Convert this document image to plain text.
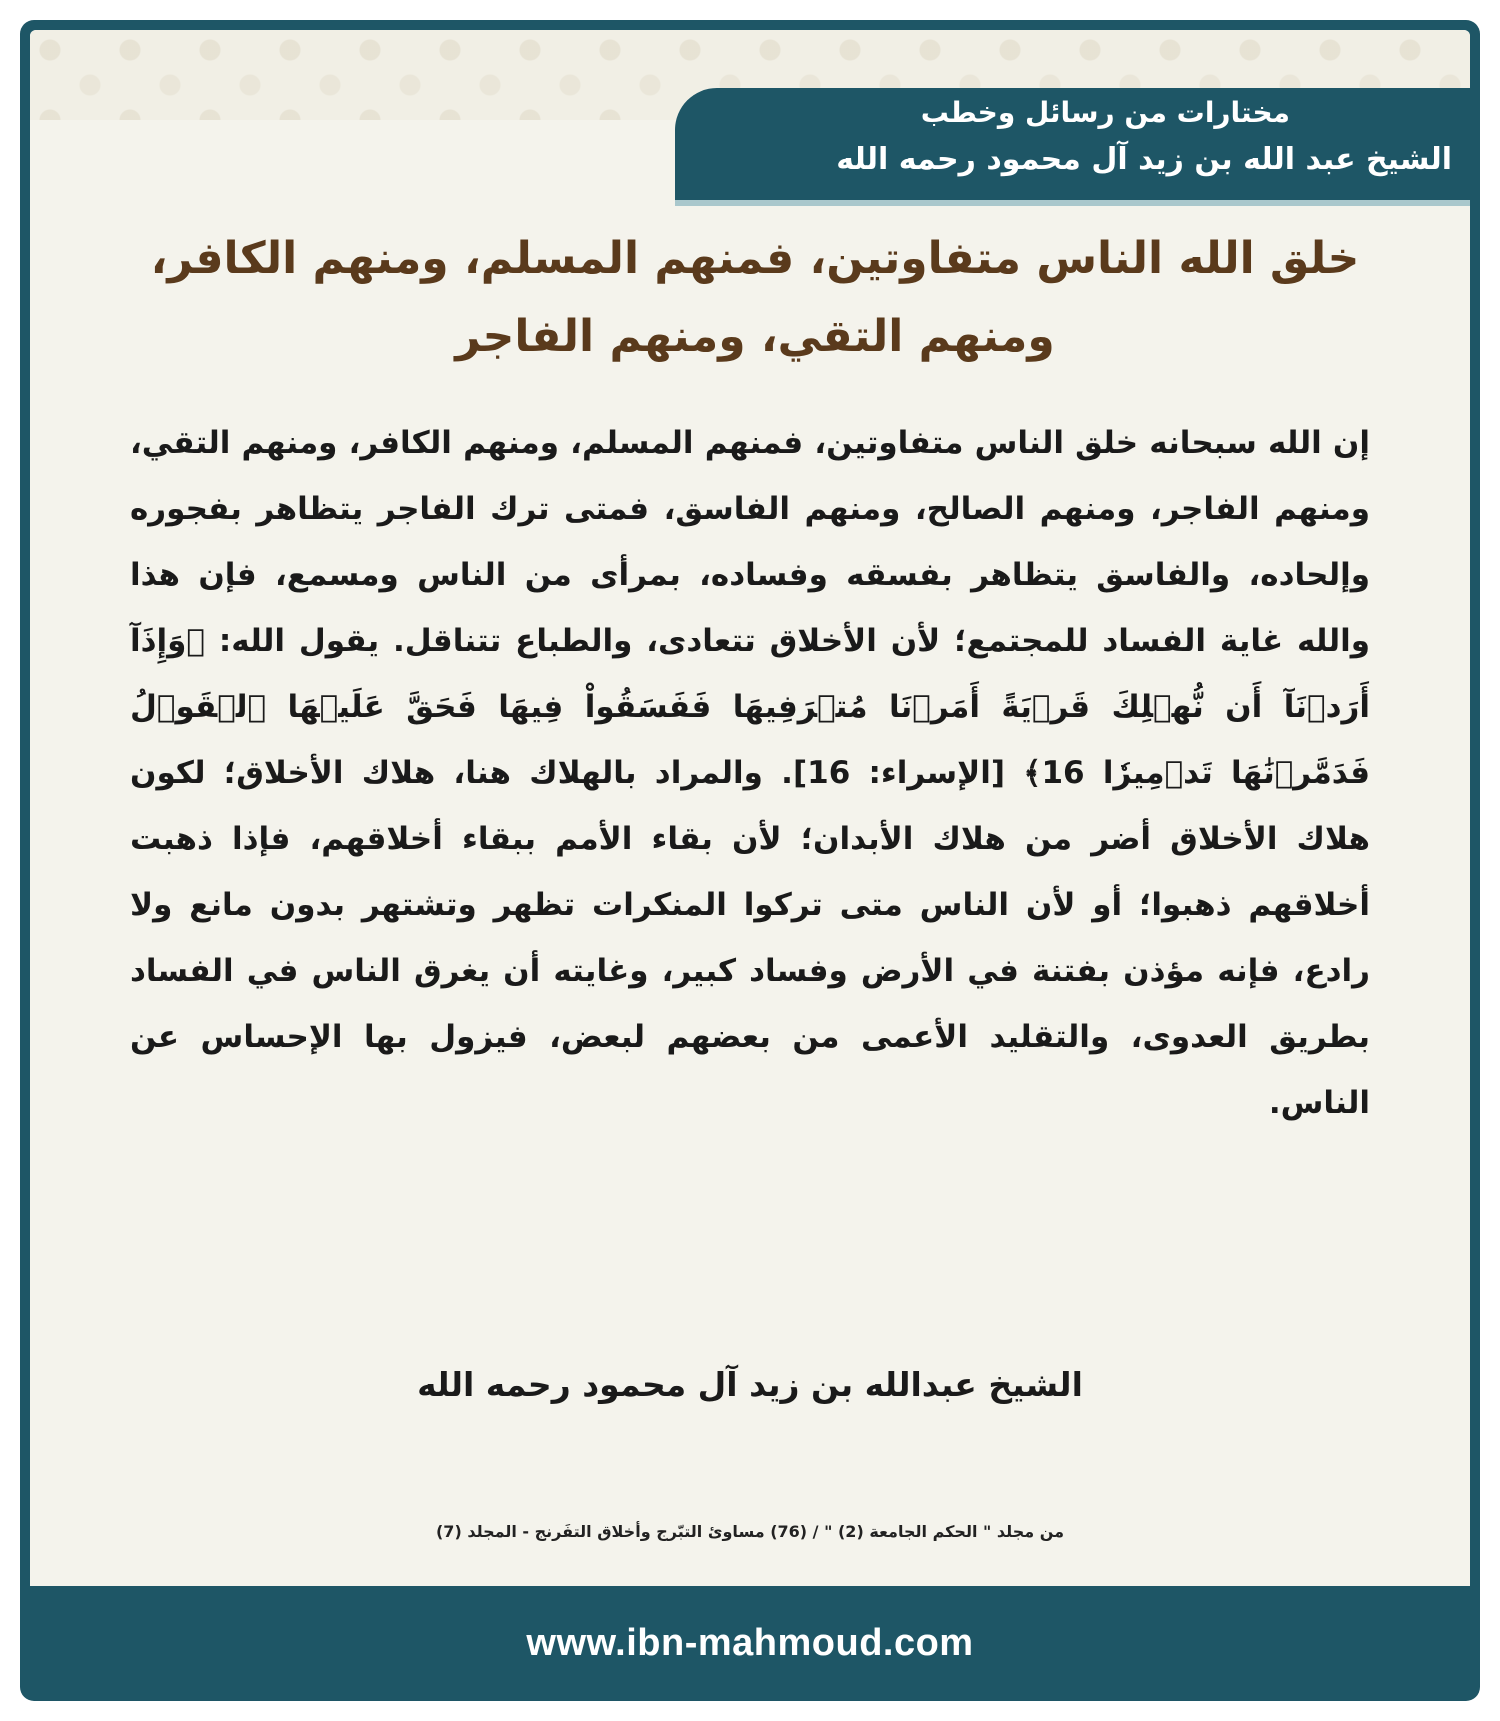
مختارات من رسائل وخطب
الشيخ عبد الله بن زيد آل محمود رحمه الله
خلق الله الناس متفاوتين، فمنهم المسلم، ومنهم الكافر، ومنهم التقي، ومنهم الفاجر

إن الله سبحانه خلق الناس متفاوتين، فمنهم المسلم، ومنهم الكافر، ومنهم التقي، ومنهم الفاجر، ومنهم الصالح، ومنهم الفاسق، فمتى ترك الفاجر يتظاهر بفجوره وإلحاده، والفاسق يتظاهر بفسقه وفساده، بمرأى من الناس ومسمع، فإن هذا والله غاية الفساد للمجتمع؛ لأن الأخلاق تتعادى، والطباع تتناقل. يقول الله: ﴿وَإِذَآ أَرَدۡنَآ أَن نُّهۡلِكَ قَرۡيَةً أَمَرۡنَا مُتۡرَفِيهَا فَفَسَقُواْ فِيهَا فَحَقَّ عَلَيۡهَا ٱلۡقَوۡلُ فَدَمَّرۡنَٰهَا تَدۡمِيرٗا 16﴾ [الإسراء: 16]. والمراد بالهلاك هنا، هلاك الأخلاق؛ لكون هلاك الأخلاق أضر من هلاك الأبدان؛ لأن بقاء الأمم ببقاء أخلاقهم، فإذا ذهبت أخلاقهم ذهبوا؛ أو لأن الناس متى تركوا المنكرات تظهر وتشتهر بدون مانع ولا رادع، فإنه مؤذن بفتنة في الأرض وفساد كبير، وغايته أن يغرق الناس في الفساد بطريق العدوى، والتقليد الأعمى من بعضهم لبعض، فيزول بها الإحساس عن الناس.

الشيخ عبدالله بن زيد آل محمود رحمه الله
من مجلد " الحكم الجامعة (2) " / (76) مساوئ التبّرج وأخلاق التفَرنج - المجلد (7)
www.ibn-mahmoud.com
